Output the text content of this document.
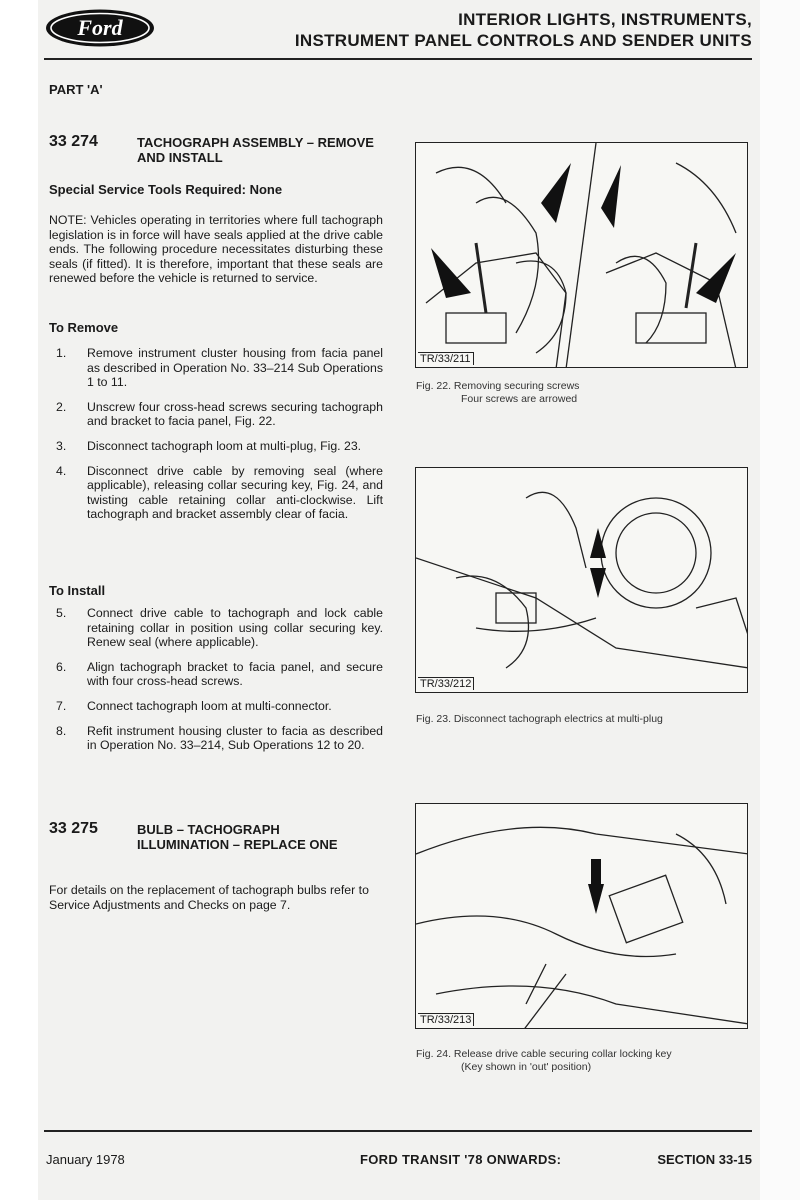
Ford	INTERIOR LIGHTS, INSTRUMENTS,
INSTRUMENT PANEL CONTROLS AND SENDER UNITS
PART 'A'
33 274	TACHOGRAPH ASSEMBLY – REMOVE AND INSTALL
Special Service Tools Required: None
NOTE: Vehicles operating in territories where full tachograph legislation is in force will have seals applied at the drive cable ends. The following procedure necessitates disturbing these seals (if fitted). It is therefore, important that these seals are renewed before the vehicle is returned to service.
To Remove
1.	Remove instrument cluster housing from facia panel as described in Operation No. 33–214 Sub Operations 1 to 11.
2.	Unscrew four cross-head screws securing tachograph and bracket to facia panel, Fig. 22.
3.	Disconnect tachograph loom at multi-plug, Fig. 23.
4.	Disconnect drive cable by removing seal (where applicable), releasing collar securing key, Fig. 24, and twisting cable retaining collar anti-clockwise. Lift tachograph and bracket assembly clear of facia.
To Install
5.	Connect drive cable to tachograph and lock cable retaining collar in position using collar securing key. Renew seal (where applicable).
6.	Align tachograph bracket to facia panel, and secure with four cross-head screws.
7.	Connect tachograph loom at multi-connector.
8.	Refit instrument housing cluster to facia as described in Operation No. 33–214, Sub Operations 12 to 20.
33 275	BULB – TACHOGRAPH ILLUMINATION – REPLACE ONE
For details on the replacement of tachograph bulbs refer to Service Adjustments and Checks on page 7.
TR/33/211
Fig. 22. Removing securing screws
Four screws are arrowed
TR/33/212
Fig. 23. Disconnect tachograph electrics at multi-plug
TR/33/213
Fig. 24. Release drive cable securing collar locking key
(Key shown in 'out' position)
January 1978	FORD TRANSIT '78 ONWARDS:	SECTION 33-15
